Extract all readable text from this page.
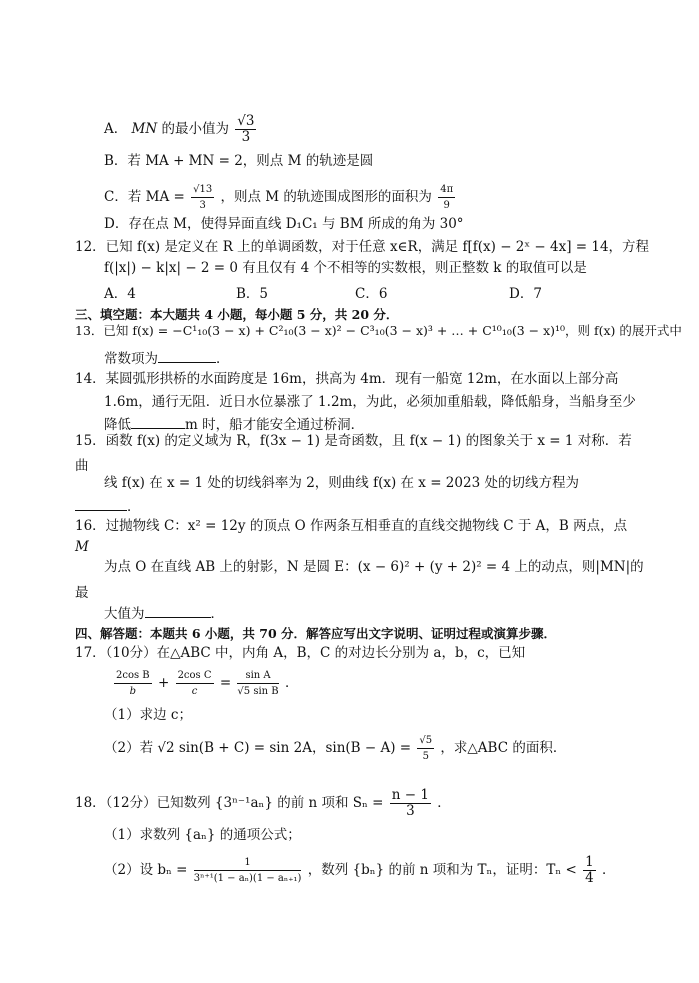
A． MN 的最小值为 $\frac{√3}{3}$
B．若 MA + MN = 2，则点 M 的轨迹是圆
C．若 MA = $\frac{√13}{3}$ ，则点 M 的轨迹围成图形的面积为 $\frac{4\pi}{9}$
D．存在点 M，使得异面直线 D₁C₁ 与 BM 所成的角为 30°
12．已知 f(x) 是定义在 R 上的单调函数，对于任意 x∈R，满足 f[f(x) − 2ˣ − 4x] = 14，方程
f(|x|) − k|x| − 2 = 0 有且仅有 4 个不相等的实数根，则正整数 k 的取值可以是
A．4	B．5	C．6	D．7
三、填空题：本大题共 4 小题，每小题 5 分，共 20 分．
13．已知 f(x) = −C¹₁₀(3 − x) + C²₁₀(3 − x)² − C³₁₀(3 − x)³ + … + C¹⁰₁₀(3 − x)¹⁰，则 f(x) 的展开式中
常数项为	．
14．某圆弧形拱桥的水面跨度是 16m，拱高为 4m．现有一船宽 12m，在水面以上部分高
1.6m，通行无阻．近日水位暴涨了 1.2m，为此，必须加重船载，降低船身，当船身至少
降低	m 时，船才能安全通过桥洞．
15．函数 f(x) 的定义域为 R，f(3x − 1) 是奇函数，且 f(x − 1) 的图象关于 x = 1 对称．若
曲
线 f(x) 在 x = 1 处的切线斜率为 2，则曲线 f(x) 在 x = 2023 处的切线方程为
．
16．过抛物线 C：x² = 12y 的顶点 O 作两条互相垂直的直线交抛物线 C 于 A，B 两点，点
M
为点 O 在直线 AB 上的射影，N 是圆 E：(x − 6)² + (y + 2)² = 4 上的动点，则|MN|的
最
大值为	．
四、解答题：本题共 6 小题，共 70 分．解答应写出文字说明、证明过程或演算步骤．
17．（10分）在△ABC 中，内角 A，B，C 的对边长分别为 a，b，c，已知
$\frac{\text{2cos B}}{b} + \frac{\text{2cos C}}{c} = \frac{\text{sin A}}{\text{√5 sin B}}$ ．
（1）求边 c；
（2）若 √2 sin(B + C) = sin 2A，$\sin(B - A) = \frac{√5}{5}$ ，求△ABC 的面积．
18．（12分）已知数列 {3ⁿ⁻¹aₙ} 的前 n 项和 $S_n = \frac{n - 1}{3}$ ．
（1）求数列 {aₙ} 的通项公式；
（2）设 $b_n = \frac{1}{\text{3ⁿ⁺¹(1 − aₙ)(1 − aₙ₊₁)}}$ ，数列 {bₙ} 的前 n 项和为 Tₙ，证明：$T_n < \frac{1}{4}$ ．
